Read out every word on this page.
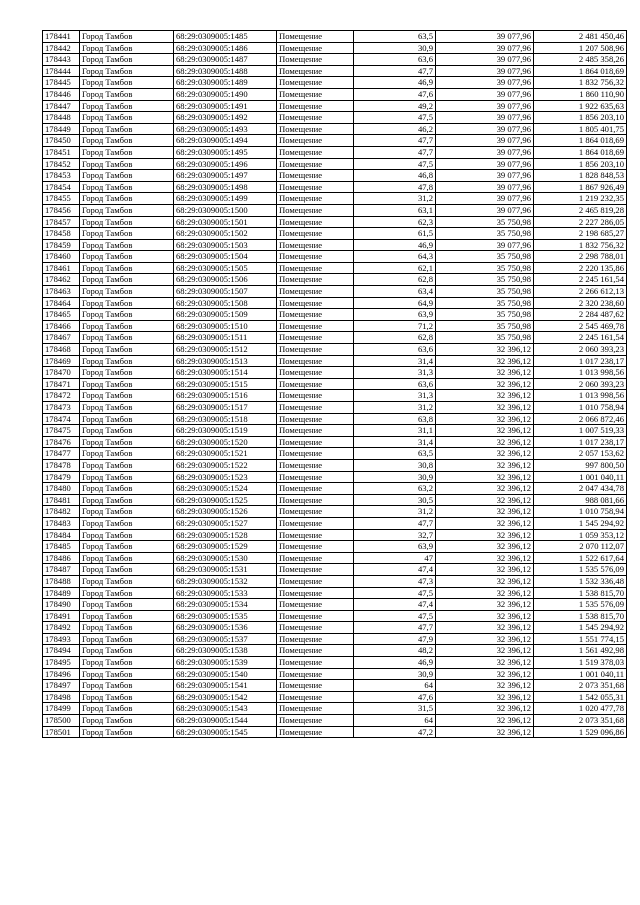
178441	Город Тамбов	68:29:0309005:1485	Помещение	63,5	39 077,96	2 481 450,46
178442	Город Тамбов	68:29:0309005:1486	Помещение	30,9	39 077,96	1 207 508,96
178443	Город Тамбов	68:29:0309005:1487	Помещение	63,6	39 077,96	2 485 358,26
178444	Город Тамбов	68:29:0309005:1488	Помещение	47,7	39 077,96	1 864 018,69
178445	Город Тамбов	68:29:0309005:1489	Помещение	46,9	39 077,96	1 832 756,32
178446	Город Тамбов	68:29:0309005:1490	Помещение	47,6	39 077,96	1 860 110,90
178447	Город Тамбов	68:29:0309005:1491	Помещение	49,2	39 077,96	1 922 635,63
178448	Город Тамбов	68:29:0309005:1492	Помещение	47,5	39 077,96	1 856 203,10
178449	Город Тамбов	68:29:0309005:1493	Помещение	46,2	39 077,96	1 805 401,75
178450	Город Тамбов	68:29:0309005:1494	Помещение	47,7	39 077,96	1 864 018,69
178451	Город Тамбов	68:29:0309005:1495	Помещение	47,7	39 077,96	1 864 018,69
178452	Город Тамбов	68:29:0309005:1496	Помещение	47,5	39 077,96	1 856 203,10
178453	Город Тамбов	68:29:0309005:1497	Помещение	46,8	39 077,96	1 828 848,53
178454	Город Тамбов	68:29:0309005:1498	Помещение	47,8	39 077,96	1 867 926,49
178455	Город Тамбов	68:29:0309005:1499	Помещение	31,2	39 077,96	1 219 232,35
178456	Город Тамбов	68:29:0309005:1500	Помещение	63,1	39 077,96	2 465 819,28
178457	Город Тамбов	68:29:0309005:1501	Помещение	62,3	35 750,98	2 227 286,05
178458	Город Тамбов	68:29:0309005:1502	Помещение	61,5	35 750,98	2 198 685,27
178459	Город Тамбов	68:29:0309005:1503	Помещение	46,9	39 077,96	1 832 756,32
178460	Город Тамбов	68:29:0309005:1504	Помещение	64,3	35 750,98	2 298 788,01
178461	Город Тамбов	68:29:0309005:1505	Помещение	62,1	35 750,98	2 220 135,86
178462	Город Тамбов	68:29:0309005:1506	Помещение	62,8	35 750,98	2 245 161,54
178463	Город Тамбов	68:29:0309005:1507	Помещение	63,4	35 750,98	2 266 612,13
178464	Город Тамбов	68:29:0309005:1508	Помещение	64,9	35 750,98	2 320 238,60
178465	Город Тамбов	68:29:0309005:1509	Помещение	63,9	35 750,98	2 284 487,62
178466	Город Тамбов	68:29:0309005:1510	Помещение	71,2	35 750,98	2 545 469,78
178467	Город Тамбов	68:29:0309005:1511	Помещение	62,8	35 750,98	2 245 161,54
178468	Город Тамбов	68:29:0309005:1512	Помещение	63,6	32 396,12	2 060 393,23
178469	Город Тамбов	68:29:0309005:1513	Помещение	31,4	32 396,12	1 017 238,17
178470	Город Тамбов	68:29:0309005:1514	Помещение	31,3	32 396,12	1 013 998,56
178471	Город Тамбов	68:29:0309005:1515	Помещение	63,6	32 396,12	2 060 393,23
178472	Город Тамбов	68:29:0309005:1516	Помещение	31,3	32 396,12	1 013 998,56
178473	Город Тамбов	68:29:0309005:1517	Помещение	31,2	32 396,12	1 010 758,94
178474	Город Тамбов	68:29:0309005:1518	Помещение	63,8	32 396,12	2 066 872,46
178475	Город Тамбов	68:29:0309005:1519	Помещение	31,1	32 396,12	1 007 519,33
178476	Город Тамбов	68:29:0309005:1520	Помещение	31,4	32 396,12	1 017 238,17
178477	Город Тамбов	68:29:0309005:1521	Помещение	63,5	32 396,12	2 057 153,62
178478	Город Тамбов	68:29:0309005:1522	Помещение	30,8	32 396,12	997 800,50
178479	Город Тамбов	68:29:0309005:1523	Помещение	30,9	32 396,12	1 001 040,11
178480	Город Тамбов	68:29:0309005:1524	Помещение	63,2	32 396,12	2 047 434,78
178481	Город Тамбов	68:29:0309005:1525	Помещение	30,5	32 396,12	988 081,66
178482	Город Тамбов	68:29:0309005:1526	Помещение	31,2	32 396,12	1 010 758,94
178483	Город Тамбов	68:29:0309005:1527	Помещение	47,7	32 396,12	1 545 294,92
178484	Город Тамбов	68:29:0309005:1528	Помещение	32,7	32 396,12	1 059 353,12
178485	Город Тамбов	68:29:0309005:1529	Помещение	63,9	32 396,12	2 070 112,07
178486	Город Тамбов	68:29:0309005:1530	Помещение	47	32 396,12	1 522 617,64
178487	Город Тамбов	68:29:0309005:1531	Помещение	47,4	32 396,12	1 535 576,09
178488	Город Тамбов	68:29:0309005:1532	Помещение	47,3	32 396,12	1 532 336,48
178489	Город Тамбов	68:29:0309005:1533	Помещение	47,5	32 396,12	1 538 815,70
178490	Город Тамбов	68:29:0309005:1534	Помещение	47,4	32 396,12	1 535 576,09
178491	Город Тамбов	68:29:0309005:1535	Помещение	47,5	32 396,12	1 538 815,70
178492	Город Тамбов	68:29:0309005:1536	Помещение	47,7	32 396,12	1 545 294,92
178493	Город Тамбов	68:29:0309005:1537	Помещение	47,9	32 396,12	1 551 774,15
178494	Город Тамбов	68:29:0309005:1538	Помещение	48,2	32 396,12	1 561 492,98
178495	Город Тамбов	68:29:0309005:1539	Помещение	46,9	32 396,12	1 519 378,03
178496	Город Тамбов	68:29:0309005:1540	Помещение	30,9	32 396,12	1 001 040,11
178497	Город Тамбов	68:29:0309005:1541	Помещение	64	32 396,12	2 073 351,68
178498	Город Тамбов	68:29:0309005:1542	Помещение	47,6	32 396,12	1 542 055,31
178499	Город Тамбов	68:29:0309005:1543	Помещение	31,5	32 396,12	1 020 477,78
178500	Город Тамбов	68:29:0309005:1544	Помещение	64	32 396,12	2 073 351,68
178501	Город Тамбов	68:29:0309005:1545	Помещение	47,2	32 396,12	1 529 096,86
